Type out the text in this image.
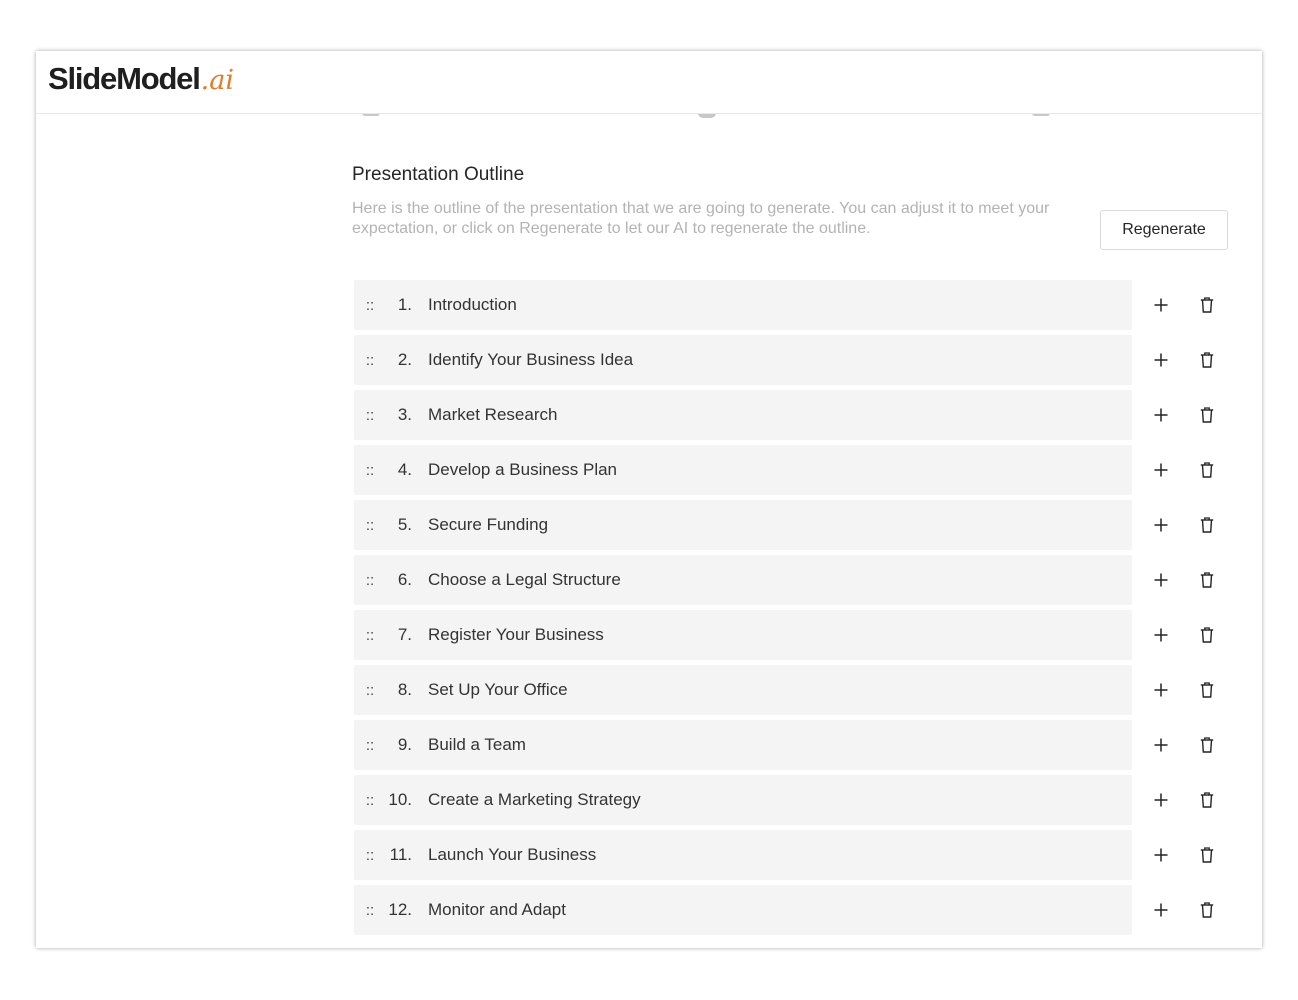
SlideModel .ai
Presentation Outline
Here is the outline of the presentation that we are going to generate. You can adjust it to meet your expectation, or click on Regenerate to let our AI to regenerate the outline.	Regenerate
::	1. Introduction
::	2. Identify Your Business Idea
::	3. Market Research
::	4. Develop a Business Plan
::	5. Secure Funding
::	6. Choose a Legal Structure
::	7. Register Your Business
::	8. Set Up Your Office
::	9. Build a Team
:: 10. Create a Marketing Strategy
:: 11. Launch Your Business
:: 12. Monitor and Adapt
